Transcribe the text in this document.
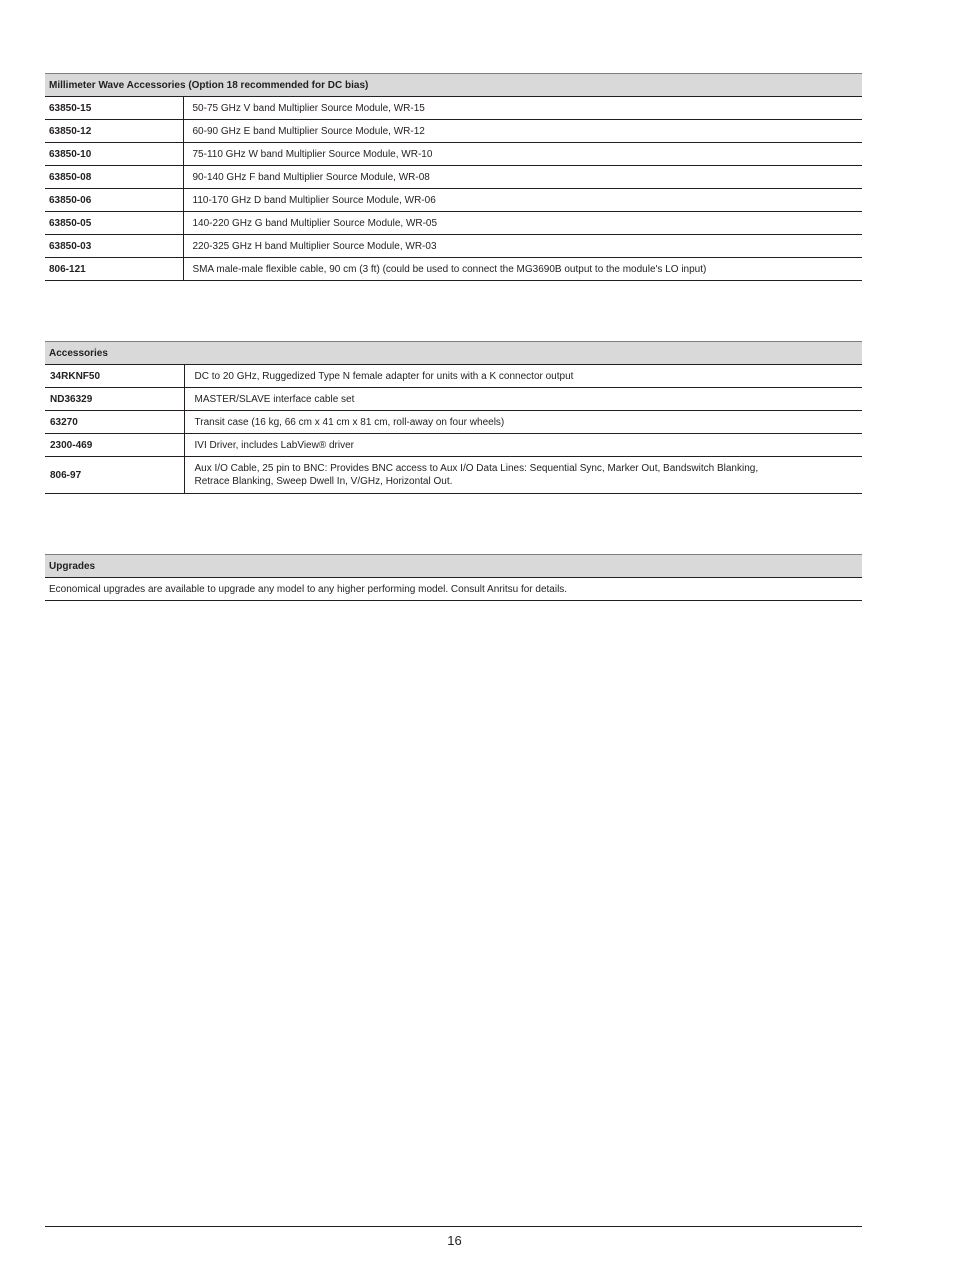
Millimeter Wave Accessories (Option 18 recommended for DC bias)	
63850-15	50-75 GHz V band Multiplier Source Module, WR-15
63850-12	60-90 GHz E band Multiplier Source Module, WR-12
63850-10	75-110 GHz W band Multiplier Source Module, WR-10
63850-08	90-140 GHz F band Multiplier Source Module, WR-08
63850-06	110-170 GHz D band Multiplier Source Module, WR-06
63850-05	140-220 GHz G band Multiplier Source Module, WR-05
63850-03	220-325 GHz H band Multiplier Source Module, WR-03
806-121	SMA male-male flexible cable, 90 cm (3 ft) (could be used to connect the MG3690B output to the module's LO input)
Accessories	
34RKNF50	DC to 20 GHz, Ruggedized Type N female adapter for units with a K connector output
ND36329	MASTER/SLAVE interface cable set
63270	Transit case (16 kg, 66 cm x 41 cm x 81 cm, roll-away on four wheels)
2300-469	IVI Driver, includes LabView® driver
806-97	Aux I/O Cable, 25 pin to BNC: Provides BNC access to Aux I/O Data Lines: Sequential Sync, Marker Out, Bandswitch Blanking,
Retrace Blanking, Sweep Dwell In, V/GHz, Horizontal Out.
Upgrades
Economical upgrades are available to upgrade any model to any higher performing model. Consult Anritsu for details.
16
